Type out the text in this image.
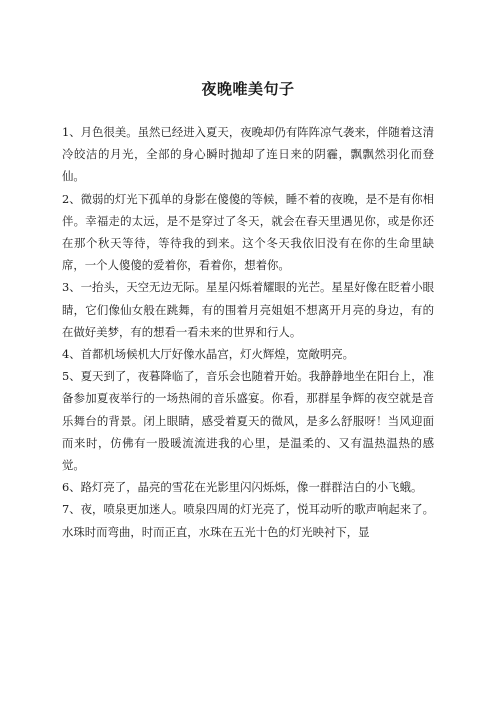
夜晚唯美句子

1、月色很美。虽然已经进入夏天，夜晚却仍有阵阵凉气袭来，伴随着这清冷皎洁的月光，全部的身心瞬时抛却了连日来的阴霾，飘飘然羽化而登仙。

2、微弱的灯光下孤单的身影在傻傻的等候，睡不着的夜晚，是不是有你相伴。幸福走的太远，是不是穿过了冬天，就会在春天里遇见你，或是你还在那个秋天等待，等待我的到来。这个冬天我依旧没有在你的生命里缺席，一个人傻傻的爱着你，看着你，想着你。

3、一抬头，天空无边无际。星星闪烁着耀眼的光芒。星星好像在眨着小眼睛，它们像仙女般在跳舞，有的围着月亮姐姐不想离开月亮的身边，有的在做好美梦，有的想看一看未来的世界和行人。

4、首都机场候机大厅好像水晶宫，灯火辉煌，宽敞明亮。

5、夏天到了，夜暮降临了，音乐会也随着开始。我静静地坐在阳台上，准备参加夏夜举行的一场热闹的音乐盛宴。你看，那群星争辉的夜空就是音乐舞台的背景。闭上眼睛，感受着夏天的微风，是多么舒服呀！当风迎面而来时，仿佛有一股暖流流进我的心里，是温柔的、又有温热温热的感觉。

6、路灯亮了，晶亮的雪花在光影里闪闪烁烁，像一群群洁白的小飞蛾。

7、夜，喷泉更加迷人。喷泉四周的灯光亮了，悦耳动听的歌声响起来了。水珠时而弯曲，时而正直，水珠在五光十色的灯光映衬下，显
